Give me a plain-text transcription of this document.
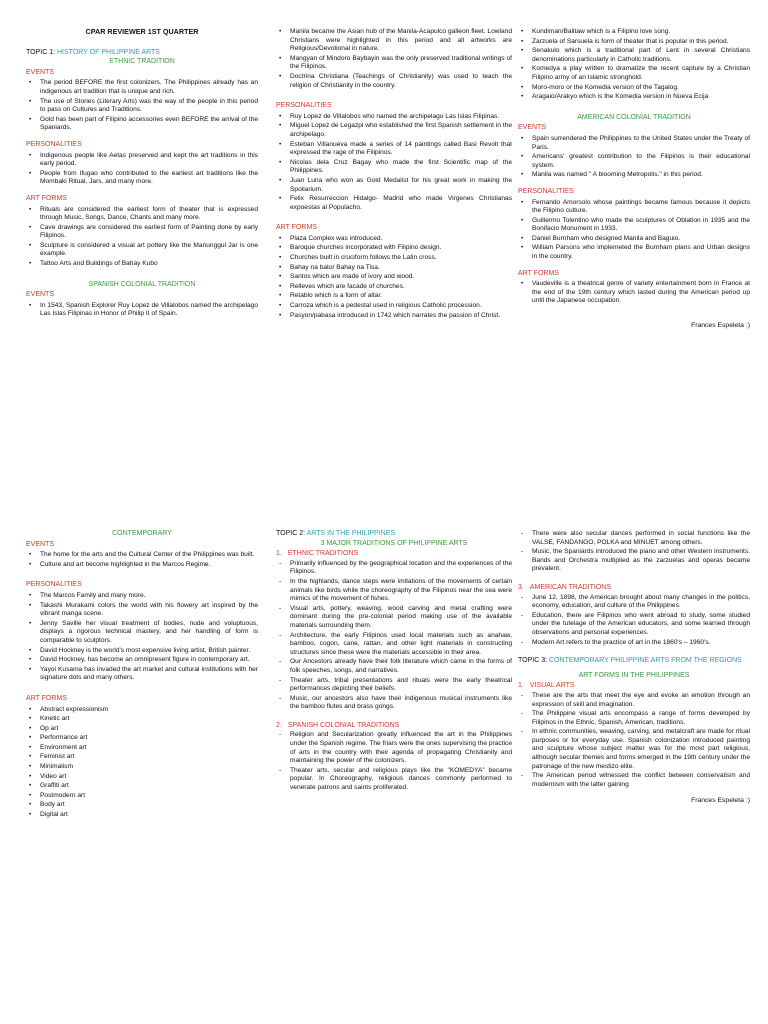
CPAR REVIEWER 1ST QUARTER
TOPIC 1: HISTORY OF PHILIPPINE ARTS
ETHNIC TRADITION
EVENTS
• The period BEFORE the first colonizers. The Philippines already has an indigenous art tradition that is unique and rich.
• The use of Stories (Literary Arts) was the way of the people in this period to pass on Cultures and Traditions.
• Gold has been part of Filipino accessories even BEFORE the arrival of the Spaniards.
PERSONALITIES
• Indigenous people like Aetas preserved and kept the art traditions in this early period.
• People from Ifugao who contributed to the earliest art traditions like the Mombaki Ritual, Jars, and many more.
ART FORMS
• Rituals are considered the earliest form of theater that is expressed through Music, Songs, Dance, Chants and many more.
• Cave drawings are considered the earliest form of Painting done by early Filipinos.
• Sculpture is considered a visual art pottery like the Manunggul Jar is one example.
• Tattoo Arts and Buildings of Bahay Kubo
SPANISH COLONIAL TRADITION
EVENTS
• In 1543, Spanish Explorer Ruy Lopez de Villalobos named the archipelago Las Islas Filipinas in Honor of Philip II of Spain.
• Manila became the Asian hub of the Manila-Acapulco galleon fleet. Lowland Christians were highlighted in this period and all artworks are Religious/Devotional in nature.
• Mangyan of Mindoro Baybayin was the only preserved traditional writings of the Filipinos.
• Doctrina Christiana (Teachings of Christianity) was used to teach the religion of Christianity in the country.
PERSONALITIES
• Ruy Lopez de Villalobos who named the archipelago Las Islas Filipinas.
• Miguel Lopez de Legazpi who established the first Spanish settlement in the archipelago.
• Esteban Villanueva made a series of 14 paintings called Basi Revolt that expressed the rage of the Filipinos.
• Nicolas dela Cruz Bagay who made the first Scientific map of the Philippines.
• Juan Luna who won as Gold Medalist for his great work in making the Spoliarium.
• Felix Resurreccion Hidalgo- Madrid who made Virgenes Christianas expoestas al Populacho.
ART FORMS
• Plaza Complex was introduced.
• Baroque churches incorporated with Filipino design.
• Churches built in cruciform follows the Latin cross.
• Bahay na bato/ Bahay na Tisa.
• Santos which are made of ivory and wood.
• Relleves which are facade of churches.
• Retablo which is a form of altar.
• Carroza which is a pedestal used in religious Catholic procession.
• Pasyon/pabasa introduced in 1742 which narrates the passion of Christ.
• Kundiman/Balitaw which is a Filipino love song.
• Zarzuela of Sarsuela is form of theater that is popular in this period.
• Senakulo which is a traditional part of Lent in several Christians denominations particularly in Catholic traditions.
• Komedya a play written to dramatize the recent capture by a Christian Filipino army of an Islamic stronghold.
• Moro-moro or the Komedia version of the Tagalog.
• Aragaio/Arakyo which is the Komedia version in Nueva Ecija
AMERICAN COLONIAL TRADITION
EVENTS
• Spain surrendered the Philippines to the United States under the Treaty of Paris.
• Americans' greatest contribution to the Filipinos is their educational system.
• Manila was named " A blooming Metropolis." in this period.
PERSONALITIES
• Fernando Amorsolo whose paintings became famous because it depicts the Filipino culture.
• Guillermo Tolentino who made the sculptures of Oblation in 1935 and the Bonifacio Monument in 1933.
• Daniel Burnham who designed Manila and Baguio.
• William Parsons who implemeted the Burnham plans and Urban designs in the country.
ART FORMS
• Vaudeville is a theatrical genre of variety entertainment born in France at the end of the 19th century which lasted during the American period up until the Japanese occupation.
Frances Espeleta :)
CONTEMPORARY
EVENTS
• The home for the arts and the Cultural Center of the Philippines was built.
• Culture and art become highlighted in the Marcos Regime.
PERSONALITIES
• The Marcos Family and many more.
• Takashi Murakami colors the world with his flowery art inspired by the vibrant manga scene.
• Jenny Saville her visual treatment of bodies, nude and voluptuous, displays a rigorous technical mastery, and her handling of form is comparable to sculptors.
• David Hockney is the world's most expensive living artist, British painter.
• David Hockney, has become an omnipresent figure in contemporary art.
• Yayoi Kusama has invaded the art market and cultural institutions with her signature dots and many others.
ART FORMS
• Abstract expressionism
• Kinetic art
• Op art
• Performance art
• Environment art
• Feminist art
• Minimalism
• Video art
• Graffiti art
• Postmodern art
• Body art
• Digital art
TOPIC 2: ARTS IN THE PHILIPPINES
3 MAJOR TRADITIONS OF PHILIPPINE ARTS
1. ETHNIC TRADITIONS
- Primarily influenced by the geographical location and the experiences of the Filipinos.
- In the highlands, dance steps were imitations of the movements of certain animals like birds while the choreography of the Filipinos near the sea were mimics of the movement of fishes.
- Visual arts, pottery, weaving, wood carving and metal crafting were dominant during the pre-colonial period making use of the available materials surrounding them.
- Architecture, the early Filipinos used local materials such as anahaw, bamboo, cogon, cane, rattan, and other light materials in constructing structures since these were the materials accessible in their area.
- Our Ancestors already have their folk literature which came in the forms of folk speeches, songs, and narratives.
- Theater arts, tribal presentations and rituals were the early theatrical performances depicting their beliefs.
- Music, our ancestors also have their indigenous musical instruments like the bamboo flutes and brass gongs.
2. SPANISH COLONIAL TRADITIONS
- Religion and Secularization greatly influenced the art in the Philippines under the Spanish regime. The friars were the ones supervising the practice of arts in the country with their agenda of propagating Christianity and maintaining the power of the colonizers.
- Theater arts, secular and religious plays like the "KOMEDYA" became popular. In Choreography, religious dances commonly performed to venerate patrons and saints proliferated.
- There were also secular dances performed in social functions like the VALSE, FANDANGO, POLKA and MINUET among others.
- Music, the Spaniards introduced the piano and other Western instruments. Bands and Orchestra multiplied as the zarzuelas and operas became prevalent.
3. AMERICAN TRADITIONS
- June 12, 1898, the American brought about many changes in the politics, economy, education, and culture of the Philippines.
- Education, there are Filipinos who went abroad to study, some studied under the tutelage of the American educators, and some learned through observations and personal experiences.
- Modern Art refers to the practice of art in the 1860's – 1960's.
TOPIC 3: CONTEMPORARY PHILIPPINE ARTS FROM THE REGIONS
ART FORMS IN THE PHILIPPINES
1. VISUAL ARTS
- These are the arts that meet the eye and evoke an emotion through an expression of skill and imagination.
- The Philippine visual arts encompass a range of forms developed by Filipinos in the Ethnic, Spanish, American, traditions.
- In ethnic communities, weaving, carving, and metalcraft are made for ritual purposes or for everyday use. Spanish colonization introduced painting and sculpture whose subject matter was for the most part religious, although secular themes and forms emerged in the 19th century under the patronage of the new mestizo elite.
- The American period witnessed the conflict between conservatism and modernism with the latter gaining
Frances Espeleta :)
